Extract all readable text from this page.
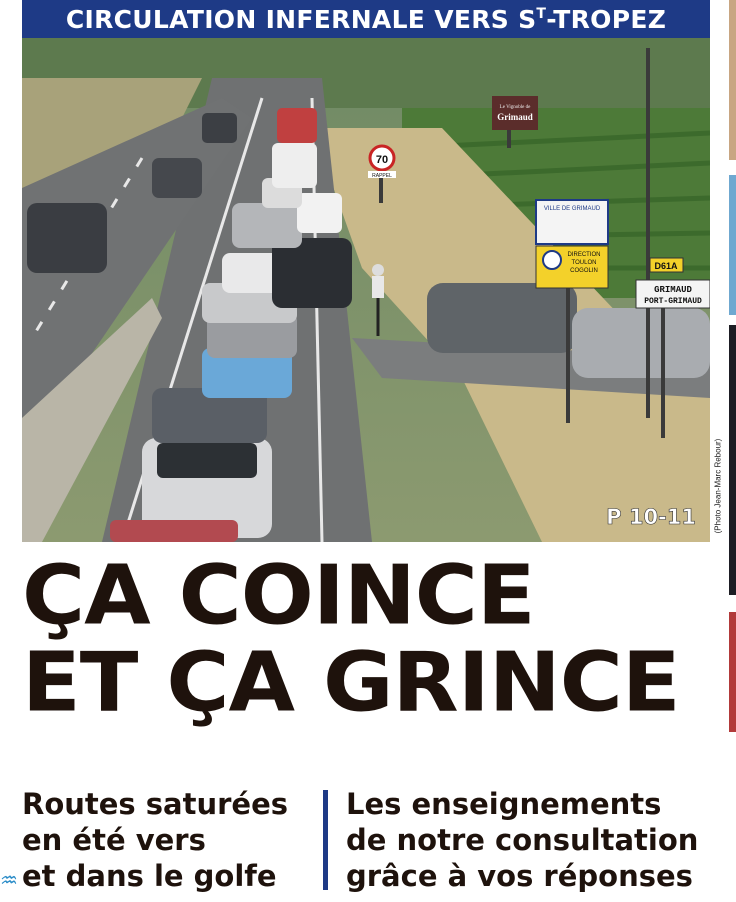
CIRCULATION INFERNALE VERS $S^T$-TROPEZ
70
RAPPEL
Le Vignoble de
Grimaud
VILLE DE GRIMAUD
DIRECTION
TOULON
COGOLIN	D61A
GRIMAUD
PORT-GRIMAUD
P 10-11 (Photo Jean-Marc Rebour)
ÇA COINCE
ET ÇA GRINCE
Routes saturées
en été vers
et dans le golfe
Les enseignements
de notre consultation
grâce à vos réponses
♒
